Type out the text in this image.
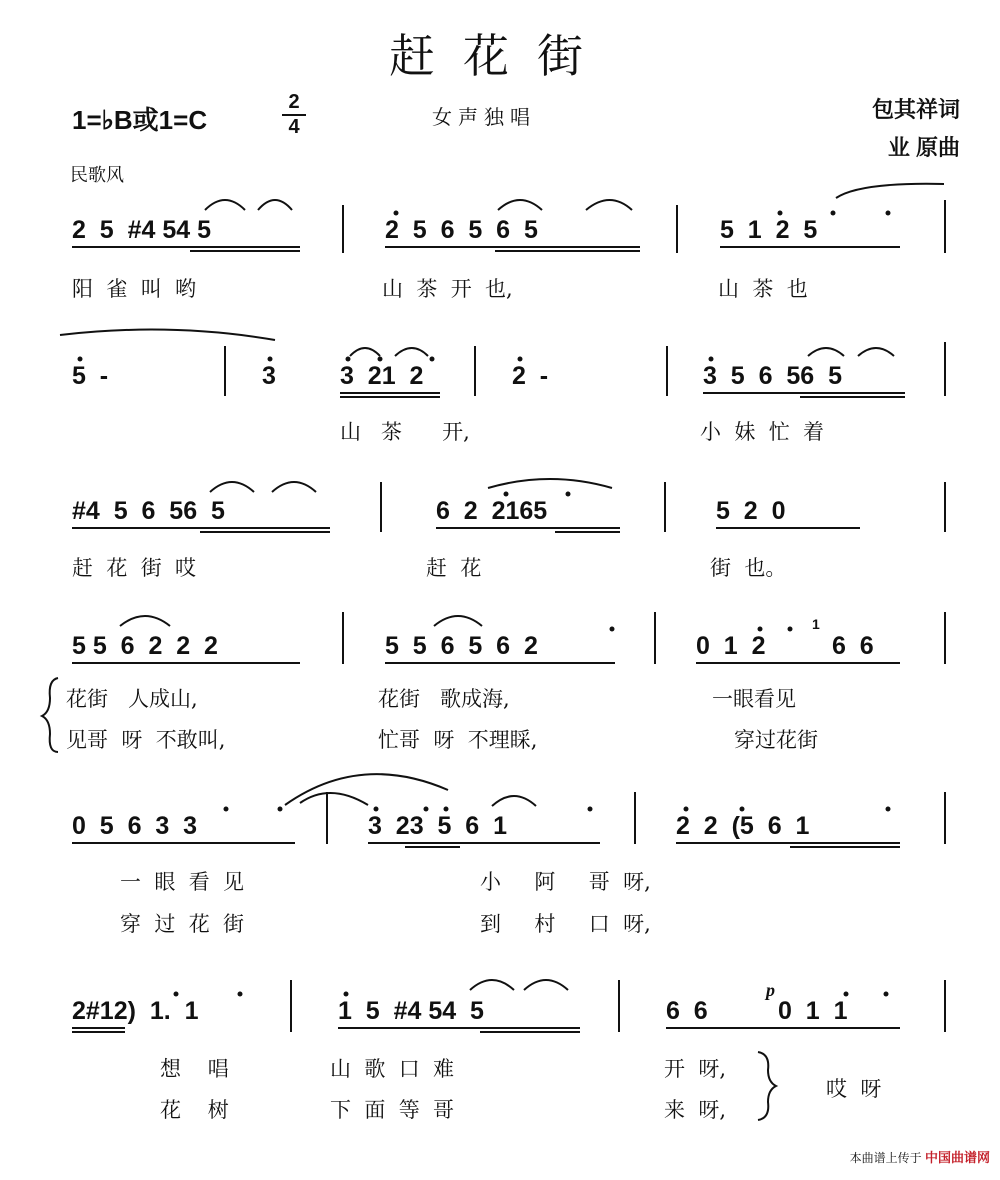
赶花街
1=♭B或1=C
2
4	女声独唱	包其祥词
业 原曲
民歌风
2  5  #4 54 5	2  5  6  5  6  5	5  1  2  5
阳  雀  叫  哟	山  茶  开  也,	山  茶  也
5  -	3	3  21  2	2  -	3  5  6  56  5
山   茶      开,	小  妹  忙  着
#4  5  6  56  5	6  2  2165	5  2  0
赶  花  街  哎	赶  花	街  也。
5 5  6  2  2  2	5  5  6  5  6  2	0  1  2
1
6  6
花街   人成山,	花街   歌成海,	一眼看见
见哥  呀  不敢叫,	忙哥  呀  不理睬,	穿过花街
0  5  6  3  3	3  23  5  6  1	2  2  (5  6  1
一  眼  看  见	小     阿     哥  呀,
穿  过  花  街	到     村     口  呀,
2#12)  1.  1	1  5  #4 54  5	6  6
p
0  1  1
想    唱	山  歌  口  难	开  呀,
花    树	下  面  等  哥	来  呀,
哎  呀
本曲谱上传于 中国曲谱网
